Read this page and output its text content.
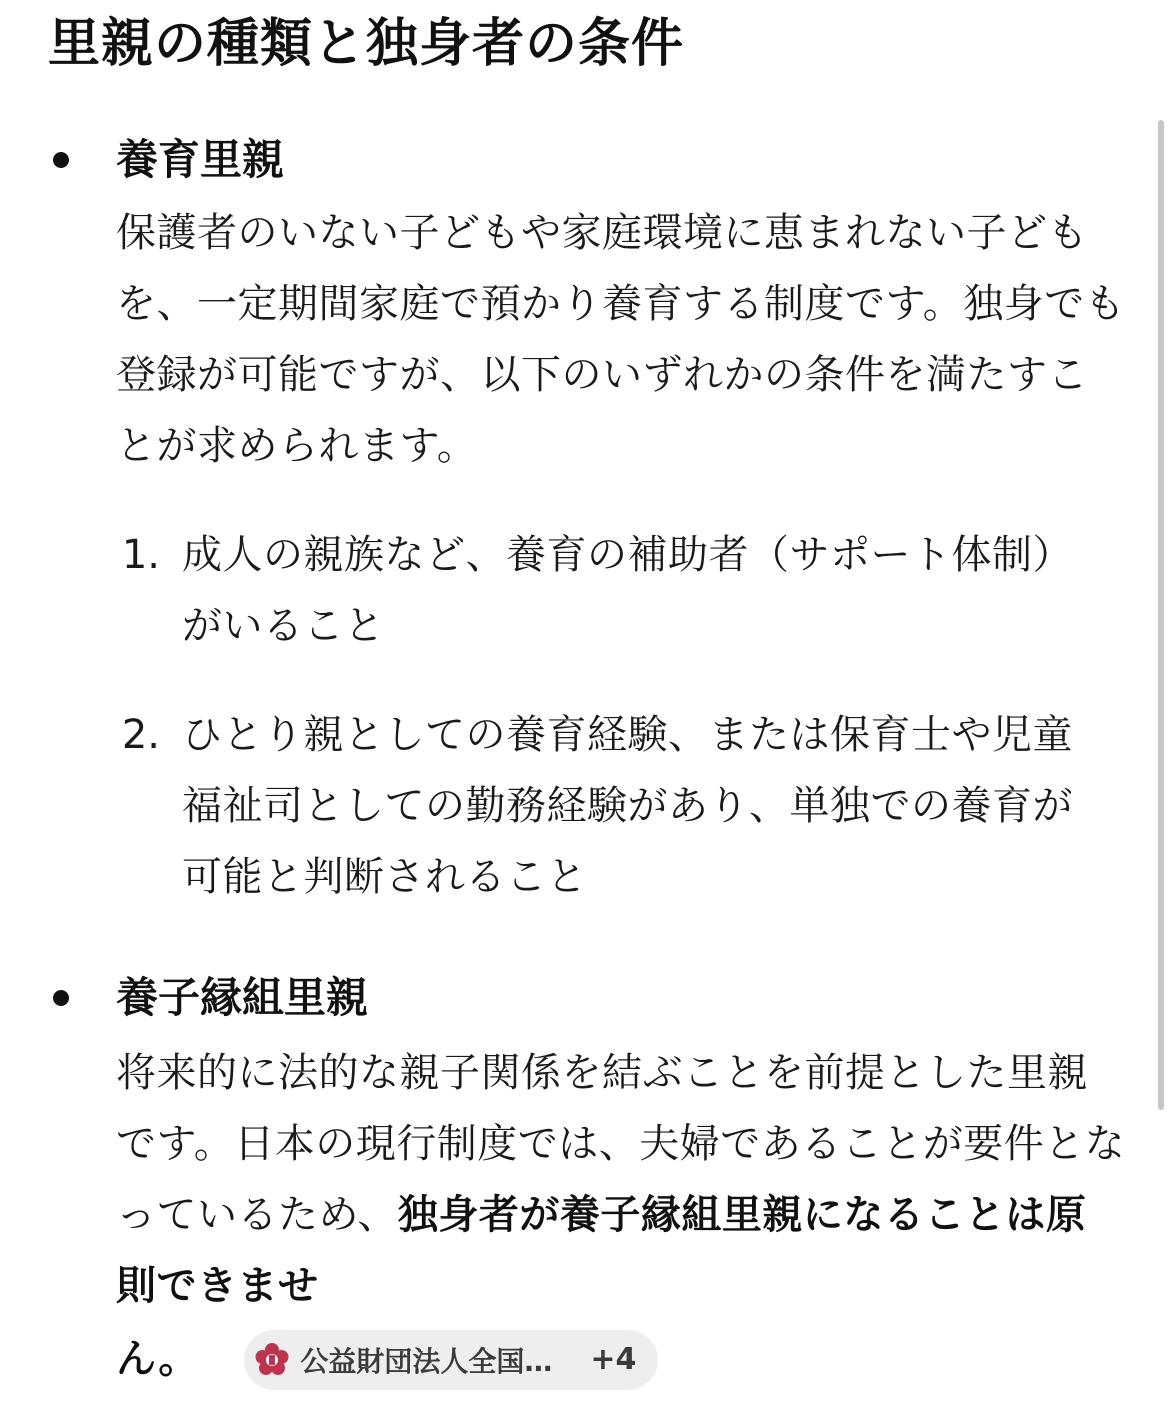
里親の種類と独身者の条件
養育里親

保護者のいない子どもや家庭環境に恵まれない子どもを、一定期間家庭で預かり養育する制度です。独身でも登録が可能ですが、以下のいずれかの条件を満たすことが求められます。

1. 成人の親族など、養育の補助者（サポート体制）がいること
2. ひとり親としての養育経験、または保育士や児童福祉司としての勤務経験があり、単独での養育が可能と判断されること
養子縁組里親

将来的に法的な親子関係を結ぶことを前提とした里親です。日本の現行制度では、夫婦であることが要件となっているため、独身者が養子縁組里親になることは原則できませ

ん。	公益財団法人全国… +4
